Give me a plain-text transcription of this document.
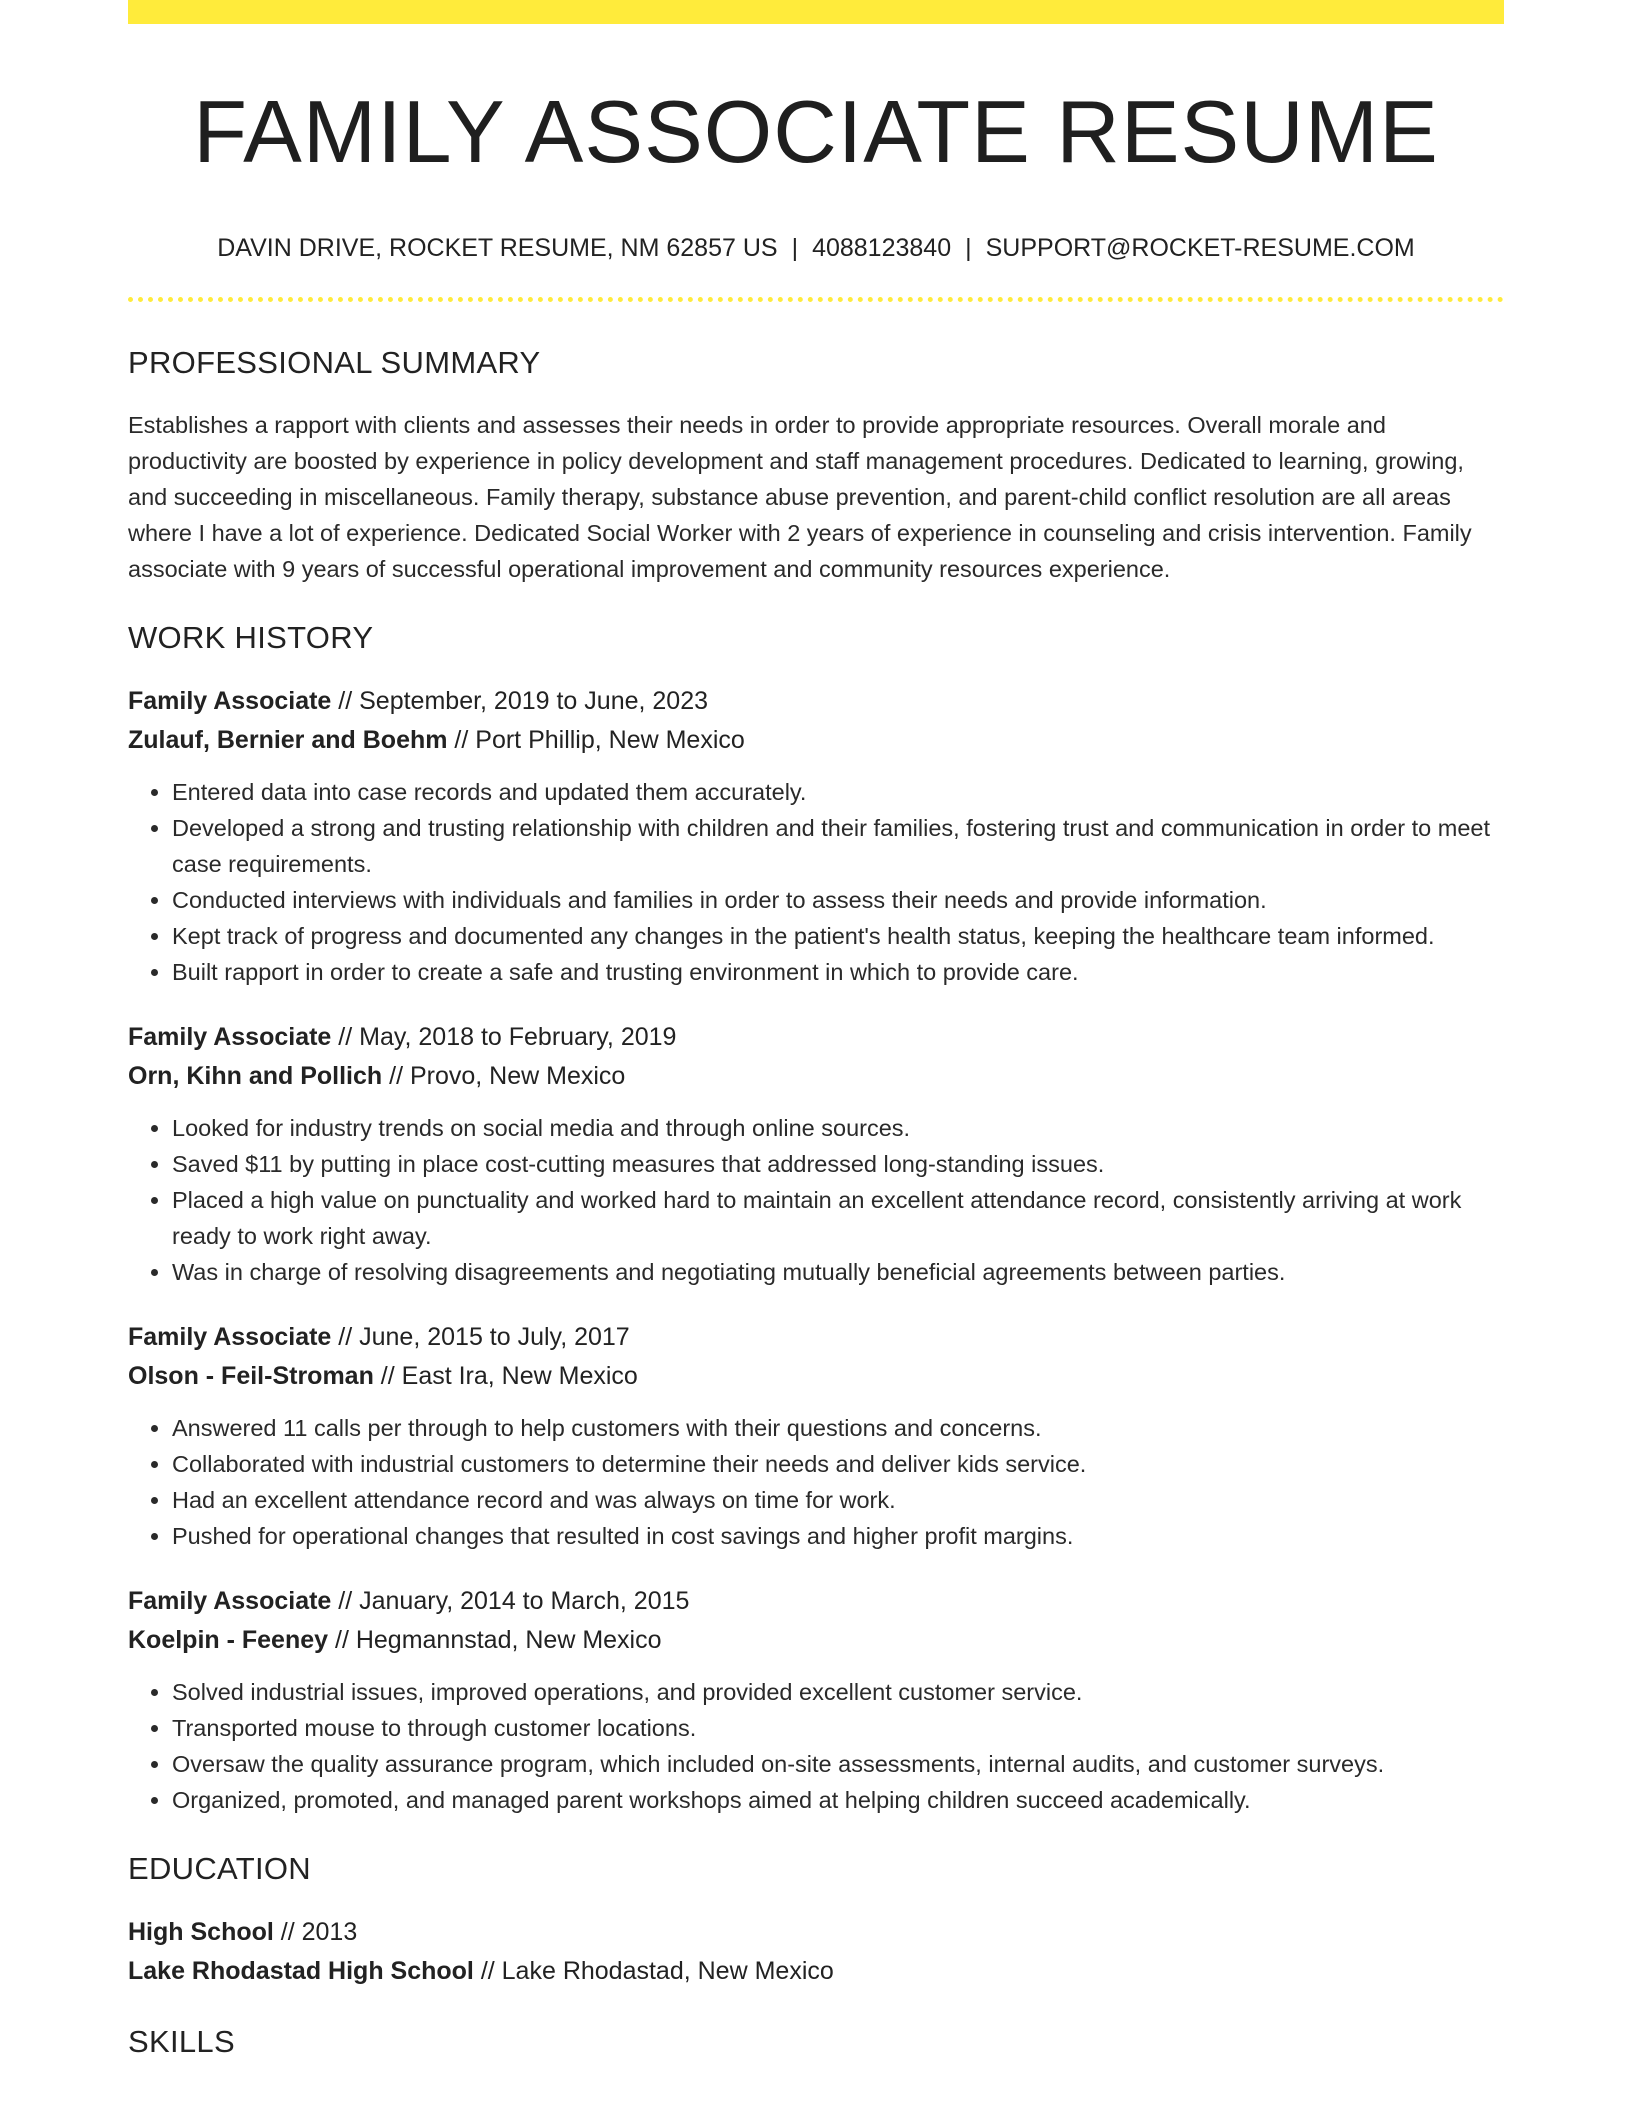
FAMILY ASSOCIATE RESUME
DAVIN DRIVE, ROCKET RESUME, NM 62857 US | 4088123840 | SUPPORT@ROCKET-RESUME.COM
PROFESSIONAL SUMMARY

Establishes a rapport with clients and assesses their needs in order to provide appropriate resources. Overall morale and productivity are boosted by experience in policy development and staff management procedures. Dedicated to learning, growing, and succeeding in miscellaneous. Family therapy, substance abuse prevention, and parent-child conflict resolution are all areas where I have a lot of experience. Dedicated Social Worker with 2 years of experience in counseling and crisis intervention. Family associate with 9 years of successful operational improvement and community resources experience.

WORK HISTORY
Family Associate // September, 2019 to June, 2023
Zulauf, Bernier and Boehm // Port Phillip, New Mexico
• Entered data into case records and updated them accurately.
• Developed a strong and trusting relationship with children and their families, fostering trust and communication in order to meet case requirements.
• Conducted interviews with individuals and families in order to assess their needs and provide information.
• Kept track of progress and documented any changes in the patient's health status, keeping the healthcare team informed.
• Built rapport in order to create a safe and trusting environment in which to provide care.
Family Associate // May, 2018 to February, 2019
Orn, Kihn and Pollich // Provo, New Mexico
• Looked for industry trends on social media and through online sources.
• Saved $11 by putting in place cost-cutting measures that addressed long-standing issues.
• Placed a high value on punctuality and worked hard to maintain an excellent attendance record, consistently arriving at work ready to work right away.
• Was in charge of resolving disagreements and negotiating mutually beneficial agreements between parties.
Family Associate // June, 2015 to July, 2017
Olson - Feil-Stroman // East Ira, New Mexico
• Answered 11 calls per through to help customers with their questions and concerns.
• Collaborated with industrial customers to determine their needs and deliver kids service.
• Had an excellent attendance record and was always on time for work.
• Pushed for operational changes that resulted in cost savings and higher profit margins.
Family Associate // January, 2014 to March, 2015
Koelpin - Feeney // Hegmannstad, New Mexico
• Solved industrial issues, improved operations, and provided excellent customer service.
• Transported mouse to through customer locations.
• Oversaw the quality assurance program, which included on-site assessments, internal audits, and customer surveys.
• Organized, promoted, and managed parent workshops aimed at helping children succeed academically.
EDUCATION
High School // 2013
Lake Rhodastad High School // Lake Rhodastad, New Mexico
SKILLS
